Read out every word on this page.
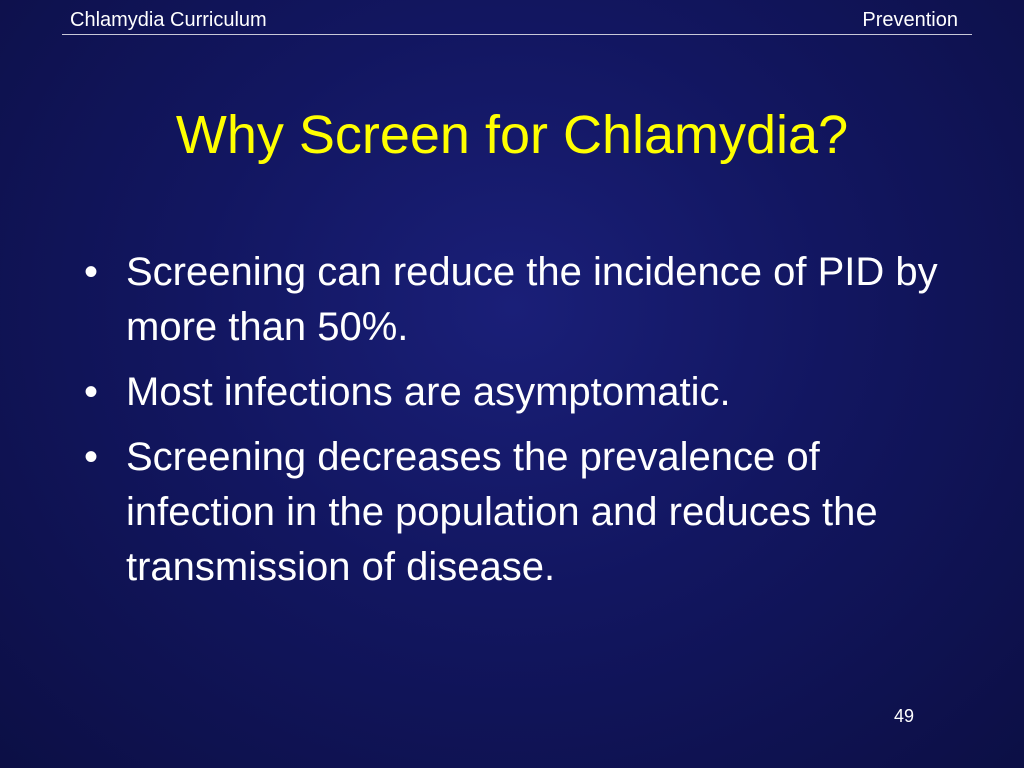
Chlamydia Curriculum	Prevention
Why Screen for Chlamydia?
• Screening can reduce the incidence of PID by more than 50%.
• Most infections are asymptomatic.
• Screening decreases the prevalence of infection in the population and reduces the transmission of disease.
49
